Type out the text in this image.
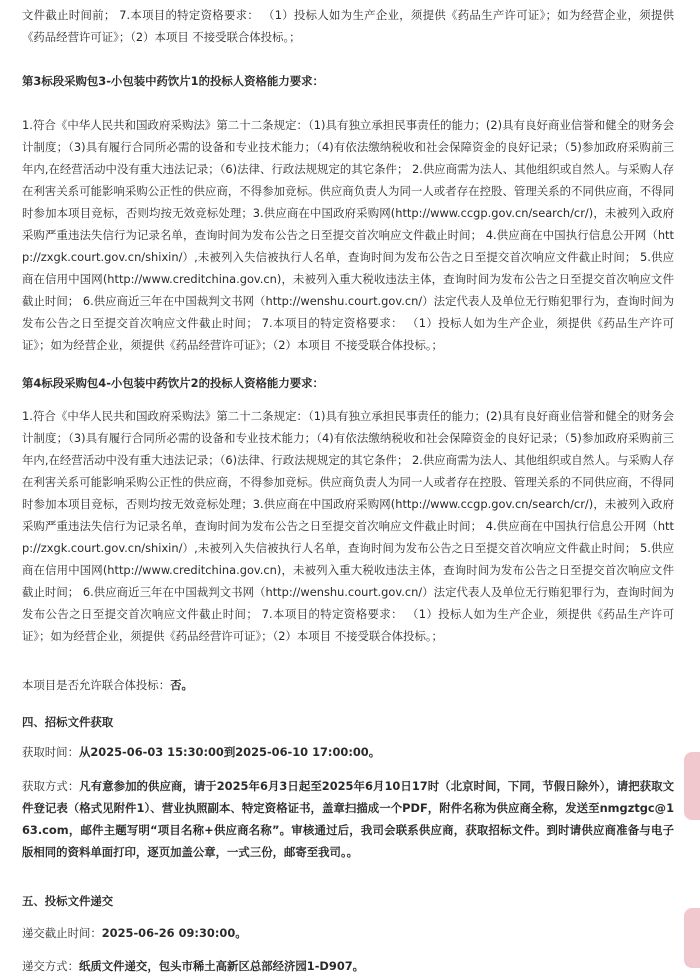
文件截止时间前； 7.本项目的特定资格要求： （1）投标人如为生产企业，须提供《药品生产许可证》；如为经营企业，须提供《药品经营许可证》；（2）本项目 不接受联合体投标。；

第3标段采购包3-小包装中药饮片1的投标人资格能力要求：

1.符合《中华人民共和国政府采购法》第二十二条规定：（1)具有独立承担民事责任的能力；(2)具有良好商业信誉和健全的财务会计制度；（3)具有履行合同所必需的设备和专业技术能力；（4)有依法缴纳税收和社会保障资金的良好记录；（5)参加政府采购前三年内,在经营活动中没有重大违法记录；（6)法律、行政法规规定的其它条件； 2.供应商需为法人、其他组织或自然人。与采购人存在利害关系可能影响采购公正性的供应商，不得参加竞标。供应商负责人为同一人或者存在控股、管理关系的不同供应商，不得同时参加本项目竞标，否则均按无效竞标处理；3.供应商在中国政府采购网(http://www.ccgp.gov.cn/search/cr/)，未被列入政府采购严重违法失信行为记录名单，查询时间为发布公告之日至提交首次响应文件截止时间； 4.供应商在中国执行信息公开网（http://zxgk.court.gov.cn/shixin/）,未被列入失信被执行人名单，查询时间为发布公告之日至提交首次响应文件截止时间； 5.供应商在信用中国网(http://www.creditchina.gov.cn)，未被列入重大税收违法主体，查询时间为发布公告之日至提交首次响应文件截止时间； 6.供应商近三年在中国裁判文书网（http://wenshu.court.gov.cn/）法定代表人及单位无行贿犯罪行为，查询时间为发布公告之日至提交首次响应文件截止时间； 7.本项目的特定资格要求： （1）投标人如为生产企业，须提供《药品生产许可证》；如为经营企业，须提供《药品经营许可证》；（2）本项目 不接受联合体投标。；

第4标段采购包4-小包装中药饮片2的投标人资格能力要求：

1.符合《中华人民共和国政府采购法》第二十二条规定：（1)具有独立承担民事责任的能力；(2)具有良好商业信誉和健全的财务会计制度；（3)具有履行合同所必需的设备和专业技术能力；（4)有依法缴纳税收和社会保障资金的良好记录；（5)参加政府采购前三年内,在经营活动中没有重大违法记录；（6)法律、行政法规规定的其它条件； 2.供应商需为法人、其他组织或自然人。与采购人存在利害关系可能影响采购公正性的供应商，不得参加竞标。供应商负责人为同一人或者存在控股、管理关系的不同供应商，不得同时参加本项目竞标，否则均按无效竞标处理；3.供应商在中国政府采购网(http://www.ccgp.gov.cn/search/cr/)，未被列入政府采购严重违法失信行为记录名单，查询时间为发布公告之日至提交首次响应文件截止时间； 4.供应商在中国执行信息公开网（http://zxgk.court.gov.cn/shixin/）,未被列入失信被执行人名单，查询时间为发布公告之日至提交首次响应文件截止时间； 5.供应商在信用中国网(http://www.creditchina.gov.cn)，未被列入重大税收违法主体，查询时间为发布公告之日至提交首次响应文件截止时间； 6.供应商近三年在中国裁判文书网（http://wenshu.court.gov.cn/）法定代表人及单位无行贿犯罪行为，查询时间为发布公告之日至提交首次响应文件截止时间； 7.本项目的特定资格要求： （1）投标人如为生产企业，须提供《药品生产许可证》；如为经营企业，须提供《药品经营许可证》；（2）本项目 不接受联合体投标。；

本项目是否允许联合体投标：否。

四、招标文件获取

获取时间：从2025-06-03 15:30:00到2025-06-10 17:00:00。

获取方式：凡有意参加的供应商，请于2025年6月3日起至2025年6月10日17时（北京时间，下同，节假日除外），请把获取文件登记表（格式见附件1）、营业执照副本、特定资格证书，盖章扫描成一个PDF，附件名称为供应商全称，发送至nmgztgc@163.com，邮件主题写明“项目名称+供应商名称”。审核通过后，我司会联系供应商，获取招标文件。到时请供应商准备与电子版相同的资料单面打印，逐页加盖公章，一式三份，邮寄至我司。。

五、投标文件递交

递交截止时间：2025-06-26 09:30:00。

递交方式：纸质文件递交，包头市稀土高新区总部经济园1-D907。
